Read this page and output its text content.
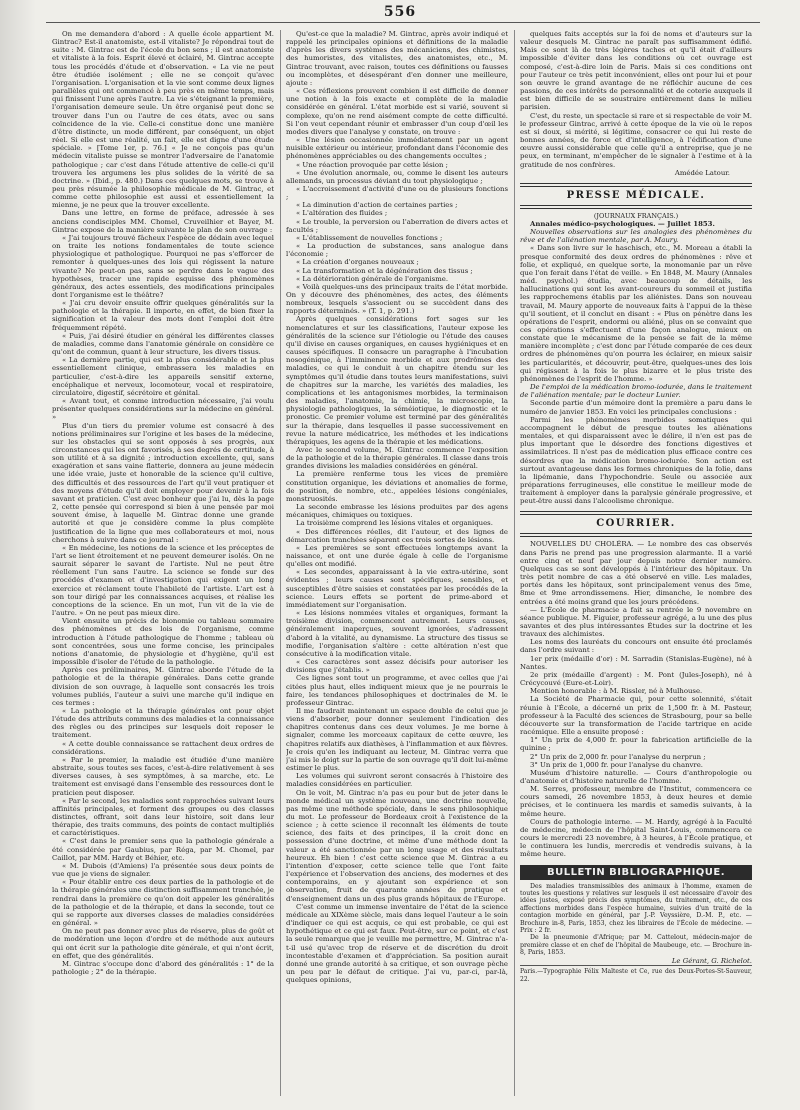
556

On me demandera d'abord : A quelle école appartient M. Gintrac? Est-il anatomiste, est-il vitaliste? Je répondrai tout de suite : M. Gintrac est de l'école du bon sens ; il est anatomiste et vitaliste à la fois. Esprit élevé et éclairé, M. Gintrac accepte tous les procédés d'étude et d'observation. « La vie ne peut être étudiée isolément ; elle ne se conçoit qu'avec l'organisation. L'organisation et la vie sont comme deux lignes parallèles qui ont commencé à peu près en même temps, mais qui finissent l'une après l'autre. La vie s'éteignant la première, l'organisation demeure seule. Un être organisé peut donc se trouver dans l'un ou l'autre de ces états, avec ou sans coïncidence de la vie. Celle-ci constitue donc une manière d'être distincte, un mode différent, par conséquent, un objet réel. Si elle est une réalité, un fait, elle est digne d'une étude spéciale. » [Tome 1er, p. 76.] « Je ne conçois pas qu'un médecin vitaliste puisse se montrer l'adversaire de l'anatomie pathologique ; car c'est dans l'étude attentive de celle-ci qu'il trouvera les argumens les plus solides de la vérité de sa doctrine. » (Ibid., p. 480.) Dans ces quelques mots, se trouve à peu près résumée la philosophie médicale de M. Gintrac, et comme cette philosophie est aussi et essentiellement la mienne, je ne peux que la trouver excellente.

Dans une lettre, en forme de préface, adressée à ses anciens condisciples MM. Chomel, Cruveilhier et Bayer, M. Gintrac expose de la manière suivante le plan de son ouvrage :

« J'ai toujours trouvé fâcheux l'espèce de dédain avec lequel on traite les notions fondamentales de toute science physiologique et pathologique. Pourquoi ne pas s'efforcer de remonter à quelques-unes des lois qui régissent la nature vivante? Ne peut-on pas, sans se perdre dans le vague des hypothèses, tracer une rapide esquisse des phénomènes généraux, des actes essentiels, des modifications principales dont l'organisme est le théâtre?

« J'ai cru devoir ensuite offrir quelques généralités sur la pathologie et la thérapie. Il importe, en effet, de bien fixer la signification et la valeur des mots dont l'emploi doit être fréquemment répété.

« Puis, j'ai désiré étudier en général les différentes classes de maladies, comme dans l'anatomie générale on considère ce qu'ont de commun, quant à leur structure, les divers tissus.

« La dernière partie, qui est la plus considérable et la plus essentiellement clinique, embrassera les maladies en particulier, c'est-à-dire les appareils sensitif externe, encéphalique et nerveux, locomoteur, vocal et respiratoire, circulatoire, digestif, sécrétoire et génital.

« Avant tout, et comme introduction nécessaire, j'ai voulu présenter quelques considérations sur la médecine en général. »

Plus d'un tiers du premier volume est consacré à des notions préliminaires sur l'origine et les bases de la médecine, sur les obstacles qui se sont opposés à ses progrès, aux circonstances qui les ont favorisés, à ses degrés de certitude, à son utilité et à sa dignité ; introduction excellente, qui, sans exagération et sans vaine flatterie, donnera au jeune médecin une idée vraie, juste et honorable de la science qu'il cultive, des difficultés et des ressources de l'art qu'il veut pratiquer et des moyens d'étude qu'il doit employer pour devenir à la fois savant et praticien. C'est avec bonheur que j'ai lu, dès la page 2, cette pensée qui correspond si bien à une pensée par moi souvent émise, à laquelle M. Gintrac donne une grande autorité et que je considère comme la plus complète justification de la ligne que mes collaborateurs et moi, nous cherchons à suivre dans ce journal :

« En médecine, les notions de la science et les préceptes de l'art se lient étroitement et ne peuvent demeurer isolés. On ne saurait séparer le savant de l'artiste. Nul ne peut être réellement l'un sans l'autre. La science se fonde sur des procédés d'examen et d'investigation qui exigent un long exercice et réclament toute l'habileté de l'artiste. L'art est à son tour dirigé par les connaissances acquises, et réalise les conceptions de la science. En un mot, l'un vit de la vie de l'autre. » On ne peut pas mieux dire.

Vient ensuite un précis de bionomie ou tableau sommaire des phénomènes et des lois de l'organisme, comme introduction à l'étude pathologique de l'homme ; tableau où sont concentrées, sous une forme concise, les principales notions d'anatomie, de physiologie et d'hygiène, qu'il est impossible d'isoler de l'étude de la pathologie.

Après ces préliminaires, M. Gintrac aborde l'étude de la pathologie et de la thérapie générales. Dans cette grande division de son ouvrage, à laquelle sont consacrés les trois volumes publiés, l'auteur a suivi une marche qu'il indique en ces termes :

« La pathologie et la thérapie générales ont pour objet l'étude des attributs communs des maladies et la connaissance des règles ou des principes sur lesquels doit reposer le traitement.

« A cette double connaissance se rattachent deux ordres de considérations.

« Par le premier, la maladie est étudiée d'une manière abstraite, sous toutes ses faces, c'est-à-dire relativement à ses diverses causes, à ses symptômes, à sa marche, etc. Le traitement est envisagé dans l'ensemble des ressources dont le praticien peut disposer.

« Par le second, les maladies sont rapprochées suivant leurs affinités principales, et forment des groupes ou des classes distinctes, offrant, soit dans leur histoire, soit dans leur thérapie, des traits communs, des points de contact multipliés et caractéristiques.

« C'est dans le premier sens que la pathologie générale a été considérée par Gaubius, par Réga, par M. Chomel, par Caillot, par MM. Hardy et Béhier, etc.

« M. Dubois (d'Amiens) l'a présentée sous deux points de vue que je viens de signaler.

« Pour établir entre ces deux parties de la pathologie et de la thérapie générales une distinction suffisamment tranchée, je rendrai dans la première ce qu'on doit appeler les généralités de la pathologie et de la thérapie, et dans la seconde, tout ce qui se rapporte aux diverses classes de maladies considérées en général. »

On ne peut pas donner avec plus de réserve, plus de goût et de modération une leçon d'ordre et de méthode aux auteurs qui ont écrit sur la pathologie dite générale, et qui n'ont écrit, en effet, que des généralités.

M. Gintrac s'occupe donc d'abord des généralités : 1° de la pathologie ; 2° de la thérapie.

Qu'est-ce que la maladie? M. Gintrac, après avoir indiqué et rappelé les principales opinions et définitions de la maladie d'après les divers systèmes des mécaniciens, des chimistes, des humoristes, des vitalistes, des anatomistes, etc., M. Gintrac trouvant, avec raison, toutes ces définitions ou fausses ou incomplètes, et désespérant d'en donner une meilleure, ajoute :

« Ces réflexions prouvent combien il est difficile de donner une notion à la fois exacte et complète de la maladie considérée en général. L'état morbide est si varié, souvent si complexe, qu'on ne rend aisément compte de cette difficulté. Si l'on veut cependant réunir et embrasser d'un coup d'œil les modes divers que l'analyse y constate, on trouve :

« Une lésion occasionnée immédiatement par un agent nuisible extérieur ou intérieur, profondant dans l'économie des phénomènes appréciables ou des changements occultes ;

« Une réaction provoquée par cette lésion ;

« Une évolution anormale, ou, comme le disent les auteurs allemands, un processus déviant du tout physiologique ;

« L'accroissement d'activité d'une ou de plusieurs fonctions ;

« La diminution d'action de certaines parties ;

« L'altération des fluides ;

« Le trouble, la perversion ou l'aberration de divers actes et facultés ;

« L'établissement de nouvelles fonctions ;

« La production de substances, sans analogue dans l'économie ;

« La création d'organes nouveaux ;

« La transformation et la dégénération des tissus ;

« La détérioration générale de l'organisme.

« Voilà quelques-uns des principaux traits de l'état morbide. On y découvre des phénomènes, des actes, des éléments nombreux, lesquels s'associent ou se succèdent dans des rapports déterminés. » (T. 1, p. 291.)

Après quelques considérations fort sages sur les nomenclatures et sur les classifications, l'auteur expose les généralités de la science sur l'étiologie ou l'étude des causes qu'il divise en causes organiques, en causes hygiéniques et en causes spécifiques. Il consacre un paragraphe à l'incubation nosogénique, à l'imminence morbide et aux prodrômes des maladies, ce qui le conduit à un chapitre étendu sur les symptômes qu'il étudie dans toutes leurs manifestations, suivi de chapitres sur la marche, les variétés des maladies, les complications et les antagonismes morbides, la terminaison des maladies, l'anatomie, la chimie, la microscopie, la physiologie pathologiques, la séméiotique, le diagnostic et le pronostic. Ce premier volume est terminé par des généralités sur la thérapie, dans lesquelles il passe successivement en revue la nature médicatrice, les méthodes et les indications thérapiques, les agens de la thérapie et les médications.

Avec le second volume, M. Gintrac commence l'exposition de la pathologie et de la thérapie générales. Il classe dans trois grandes divisions les maladies considérées en général.

La première renferme tous les vices de première constitution organique, les déviations et anomalies de forme, de position, de nombre, etc., appelées lésions congéniales, monstruosités.

La seconde embrasse les lésions produites par des agens mécaniques, chimiques ou toxiques.

La troisième comprend les lésions vitales et organiques.

« Des différences réelles, dit l'auteur, et des lignes de démarcation tranchées séparent ces trois sortes de lésions.

« Les premières se sont effectuées longtemps avant la naissance, et ont une durée égale à celle de l'organisme qu'elles ont modifié.

« Les secondes, apparaissant à la vie extra-utérine, sont évidentes ; leurs causes sont spécifiques, sensibles, et susceptibles d'être saisies et constatées par les procédés de la science. Leurs effets se portent de prime-abord et immédiatement sur l'organisation.

« Les lésions nommées vitales et organiques, formant la troisième division, commencent autrement. Leurs causes, généralement inaperçues, souvent ignorées, s'adressent d'abord à la vitalité, au dynamisme. La structure des tissus se modifie, l'organisation s'altère : cette altération n'est que consécutive à la modification vitale.

« Ces caractères sont assez décisifs pour autoriser les divisions que j'établis. »

Ces lignes sont tout un programme, et avec celles que j'ai citées plus haut, elles indiquent mieux que je ne pourrais le faire, les tendances philosophiques et doctrinales de M. le professeur Gintrac.

Il me faudrait maintenant un espace double de celui que je viens d'absorber, pour donner seulement l'indication des chapitres contenus dans ces deux volumes. Je me borne à signaler, comme les morceaux capitaux de cette œuvre, les chapitres relatifs aux diathèses, à l'inflammation et aux fièvres. Je crois qu'en les indiquant au lecteur, M. Gintrac verra que j'ai mis le doigt sur la partie de son ouvrage qu'il doit lui-même estimer le plus.

Les volumes qui suivront seront consacrés à l'histoire des maladies considérées en particulier.

On le voit, M. Gintrac n'a pas eu pour but de jeter dans le monde médical un système nouveau, une doctrine nouvelle, pas même une méthode spéciale, dans le sens philosophique du mot. Le professeur de Bordeaux croit à l'existence de la science ; à cette science il reconnaît les éléments de toute science, des faits et des principes, il la croit donc en possession d'une doctrine, et même d'une méthode dont la valeur a été sanctionnée par un long usage et des résultats heureux. Eh bien ! c'est cette science que M. Gintrac a eu l'intention d'exposer, cette science telle que l'ont faite l'expérience et l'observation des anciens, des modernes et des contemporains, en y ajoutant son expérience et son observation, fruit de quarante années de pratique et d'enseignement dans un des plus grands hôpitaux de l'Europe.

C'est comme un immense inventaire de l'état de la science médicale au XIXème siècle, mais dans lequel l'auteur a le soin d'indiquer ce qui est acquis, ce qui est probable, ce qui est hypothétique et ce qui est faux. Peut-être, sur ce point, et c'est la seule remarque que je veuille me permettre, M. Gintrac n'a-t-il usé qu'avec trop de réserve et de discrétion du droit incontestable d'examen et d'appréciation. Sa position aurait donné une grande autorité à sa critique, et son ouvrage pèche un peu par le défaut de critique. J'ai vu, par-ci, par-là, quelques opinions,

quelques faits acceptés sur la foi de noms et d'auteurs sur la valeur desquels M. Gintrac ne paraît pas suffisamment édifié. Mais ce sont là de très légères taches et qu'il était d'ailleurs impossible d'éviter dans les conditions où cet ouvrage est composé, c'est-à-dire loin de Paris. Mais si ces conditions ont pour l'auteur ce très petit inconvénient, elles ont pour lui et pour son œuvre le grand avantage de ne réfléchir aucune de ces passions, de ces intérêts de personnalité et de coterie auxquels il est bien difficile de se soustraire entièrement dans le milieu parisien.

C'est, du reste, un spectacle si rare et si respectable de voir M. le professeur Gintrac, arrivé à cette époque de la vie où le repos est si doux, si mérité, si légitime, consacrer ce qui lui reste de bonnes années, de force et d'intelligence, à l'édification d'une œuvre aussi considérable que celle qu'il a entreprise, que je ne peux, en terminant, m'empêcher de le signaler à l'estime et à la gratitude de nos confrères.

Amédée Latour.

PRESSE MÉDICALE.

(JOURNAUX FRANÇAIS.)

Annales médico-psychologiques. — Juillet 1853.

Nouvelles observations sur les analogies des phénomènes du rêve et de l'aliénation mentale, par A. Maury.

« Dans son livre sur le haschisch, etc., M. Moreau a établi la presque conformité des deux ordres de phénomènes : rêve et folie, et expliqué, en quelque sorte, la monomanie par un rêve que l'on ferait dans l'état de veille. » En 1848, M. Maury (Annales méd. psychol.) étudia, avec beaucoup de détails, les hallucinations qui sont les avant-coureurs du sommeil et justifia les rapprochemens établis par les aliénistes. Dans son nouveau travail, M. Maury apporte de nouveaux faits à l'appui de la thèse qu'il soutient, et il conclut en disant : « Plus on pénètre dans les opérations de l'esprit, endormi ou aliéné, plus on se convaint que ces opérations s'effectuent d'une façon analogue, mieux on constate que le mécanisme de la pensée se fait de la même manière incomplète ; c'est donc par l'étude comparée de ces deux ordres de phénomènes qu'on pourra les éclairer, en mieux saisir les particularités, et découvrir, peut-être, quelques-unes des lois qui régissent à la fois le plus bizarre et le plus triste des phénomènes de l'esprit de l'homme. »

De l'emploi de la médication bromo-iodurée, dans le traitement de l'aliénation mentale; par le docteur Lunier.

Seconde partie d'un mémoire dont la première a paru dans le numéro de janvier 1853. En voici les principales conclusions :

Parmi les phénomènes morbides somatiques qui accompagnent le début de presque toutes les aliénations mentales, et qui disparaissent avec le délire, il n'en est pas de plus important que le désordre des fonctions digestives et assimilatrices. Il n'est pas de médication plus efficace contre ces désordres que la médication bromo-iodurée. Son action est surtout avantageuse dans les formes chroniques de la folie, dans la lipémanie, dans l'hypochondrie. Seule ou associée aux préparations ferrugineuses, elle constitue le meilleur mode de traitement à employer dans la paralysie générale progressive, et peut-être aussi dans l'alcoolisme chronique.

COURRIER.

NOUVELLES DU CHOLÉRA. — Le nombre des cas observés dans Paris ne prend pas une progression alarmante. Il a varié entre cinq et neuf par jour depuis notre dernier numéro. Quelques cas se sont développés à l'intérieur des hôpitaux. Un très petit nombre de cas a été observé en ville. Les malades, portés dans les hôpitaux, sont principalement venus des 5me, 8me et 9me arrondissemens. Hier, dimanche, le nombre des entrées a été moins grand que les jours précédens.

— L'École de pharmacie a fait sa rentrée le 9 novembre en séance publique. M. Figuier, professeur agrégé, a lu une des plus savantes et des plus intéressantes Études sur la doctrine et les travaux des alchimistes.

Les noms des lauréats du concours ont ensuite été proclamés dans l'ordre suivant :

1er prix (médaille d'or) : M. Sarradin (Stanislas-Eugène), né à Nantes.

2e prix (médaille d'argent) : M. Pont (Jules-Joseph), né à Crécycouvé (Eure-et-Loir).

Mention honorable : à M. Rissler, né à Mulhouse.

La Société de Pharmacie qui, pour cette solennité, s'était réunie à l'École, a décerné un prix de 1,500 fr. à M. Pasteur, professeur à la Faculté des sciences de Strasbourg, pour sa belle découverte sur la transformation de l'acide tartrique en acide racémique. Elle a ensuite proposé :

1° Un prix de 4,000 fr. pour la fabrication artificielle de la quinine ;

2° Un prix de 2,000 fr. pour l'analyse du nerprun ;

3° Un prix de 1,000 fr. pour l'analyse du chanvre.

Muséum d'histoire naturelle. — Cours d'anthropologie ou d'anatomie et d'histoire naturelle de l'homme.

M. Serres, professeur, membre de l'Institut, commencera ce cours samedi, 26 novembre 1853, à deux heures et demie précises, et le continuera les mardis et samedis suivants, à la même heure.

Cours de pathologie interne. — M. Hardy, agrégé à la Faculté de médecine, médecin de l'hôpital Saint-Louis, commencera ce cours le mercredi 23 novembre, à 3 heures, à l'École pratique, et le continuera les lundis, mercredis et vendredis suivans, à la même heure.

BULLETIN BIBLIOGRAPHIQUE.

Des maladies transmissibles des animaux à l'homme, examen de toutes les questions y relatives sur lesquels il est nécessaire d'avoir des idées justes, exposé précis des symptômes, du traitement, etc., de ces affections morbides dans l'espèce humaine, suivies d'un traité de la contagion morbide en général, par J.-P. Veyssière, D.-M. P., etc. — Brochure in-8, Paris, 1853, chez les libraires de l'École de médecine. — Prix : 2 fr.

De la pneumonie d'Afrique; par M. Cattelout, médecin-major de première classe et en chef de l'hôpital de Maubeuge, etc. — Brochure in-8, Paris, 1853.

Le Gérant, G. Richelot.

Paris.—Typographie Félix Malteste et Ce, rue des Deux-Portes-St-Sauveur, 22.
